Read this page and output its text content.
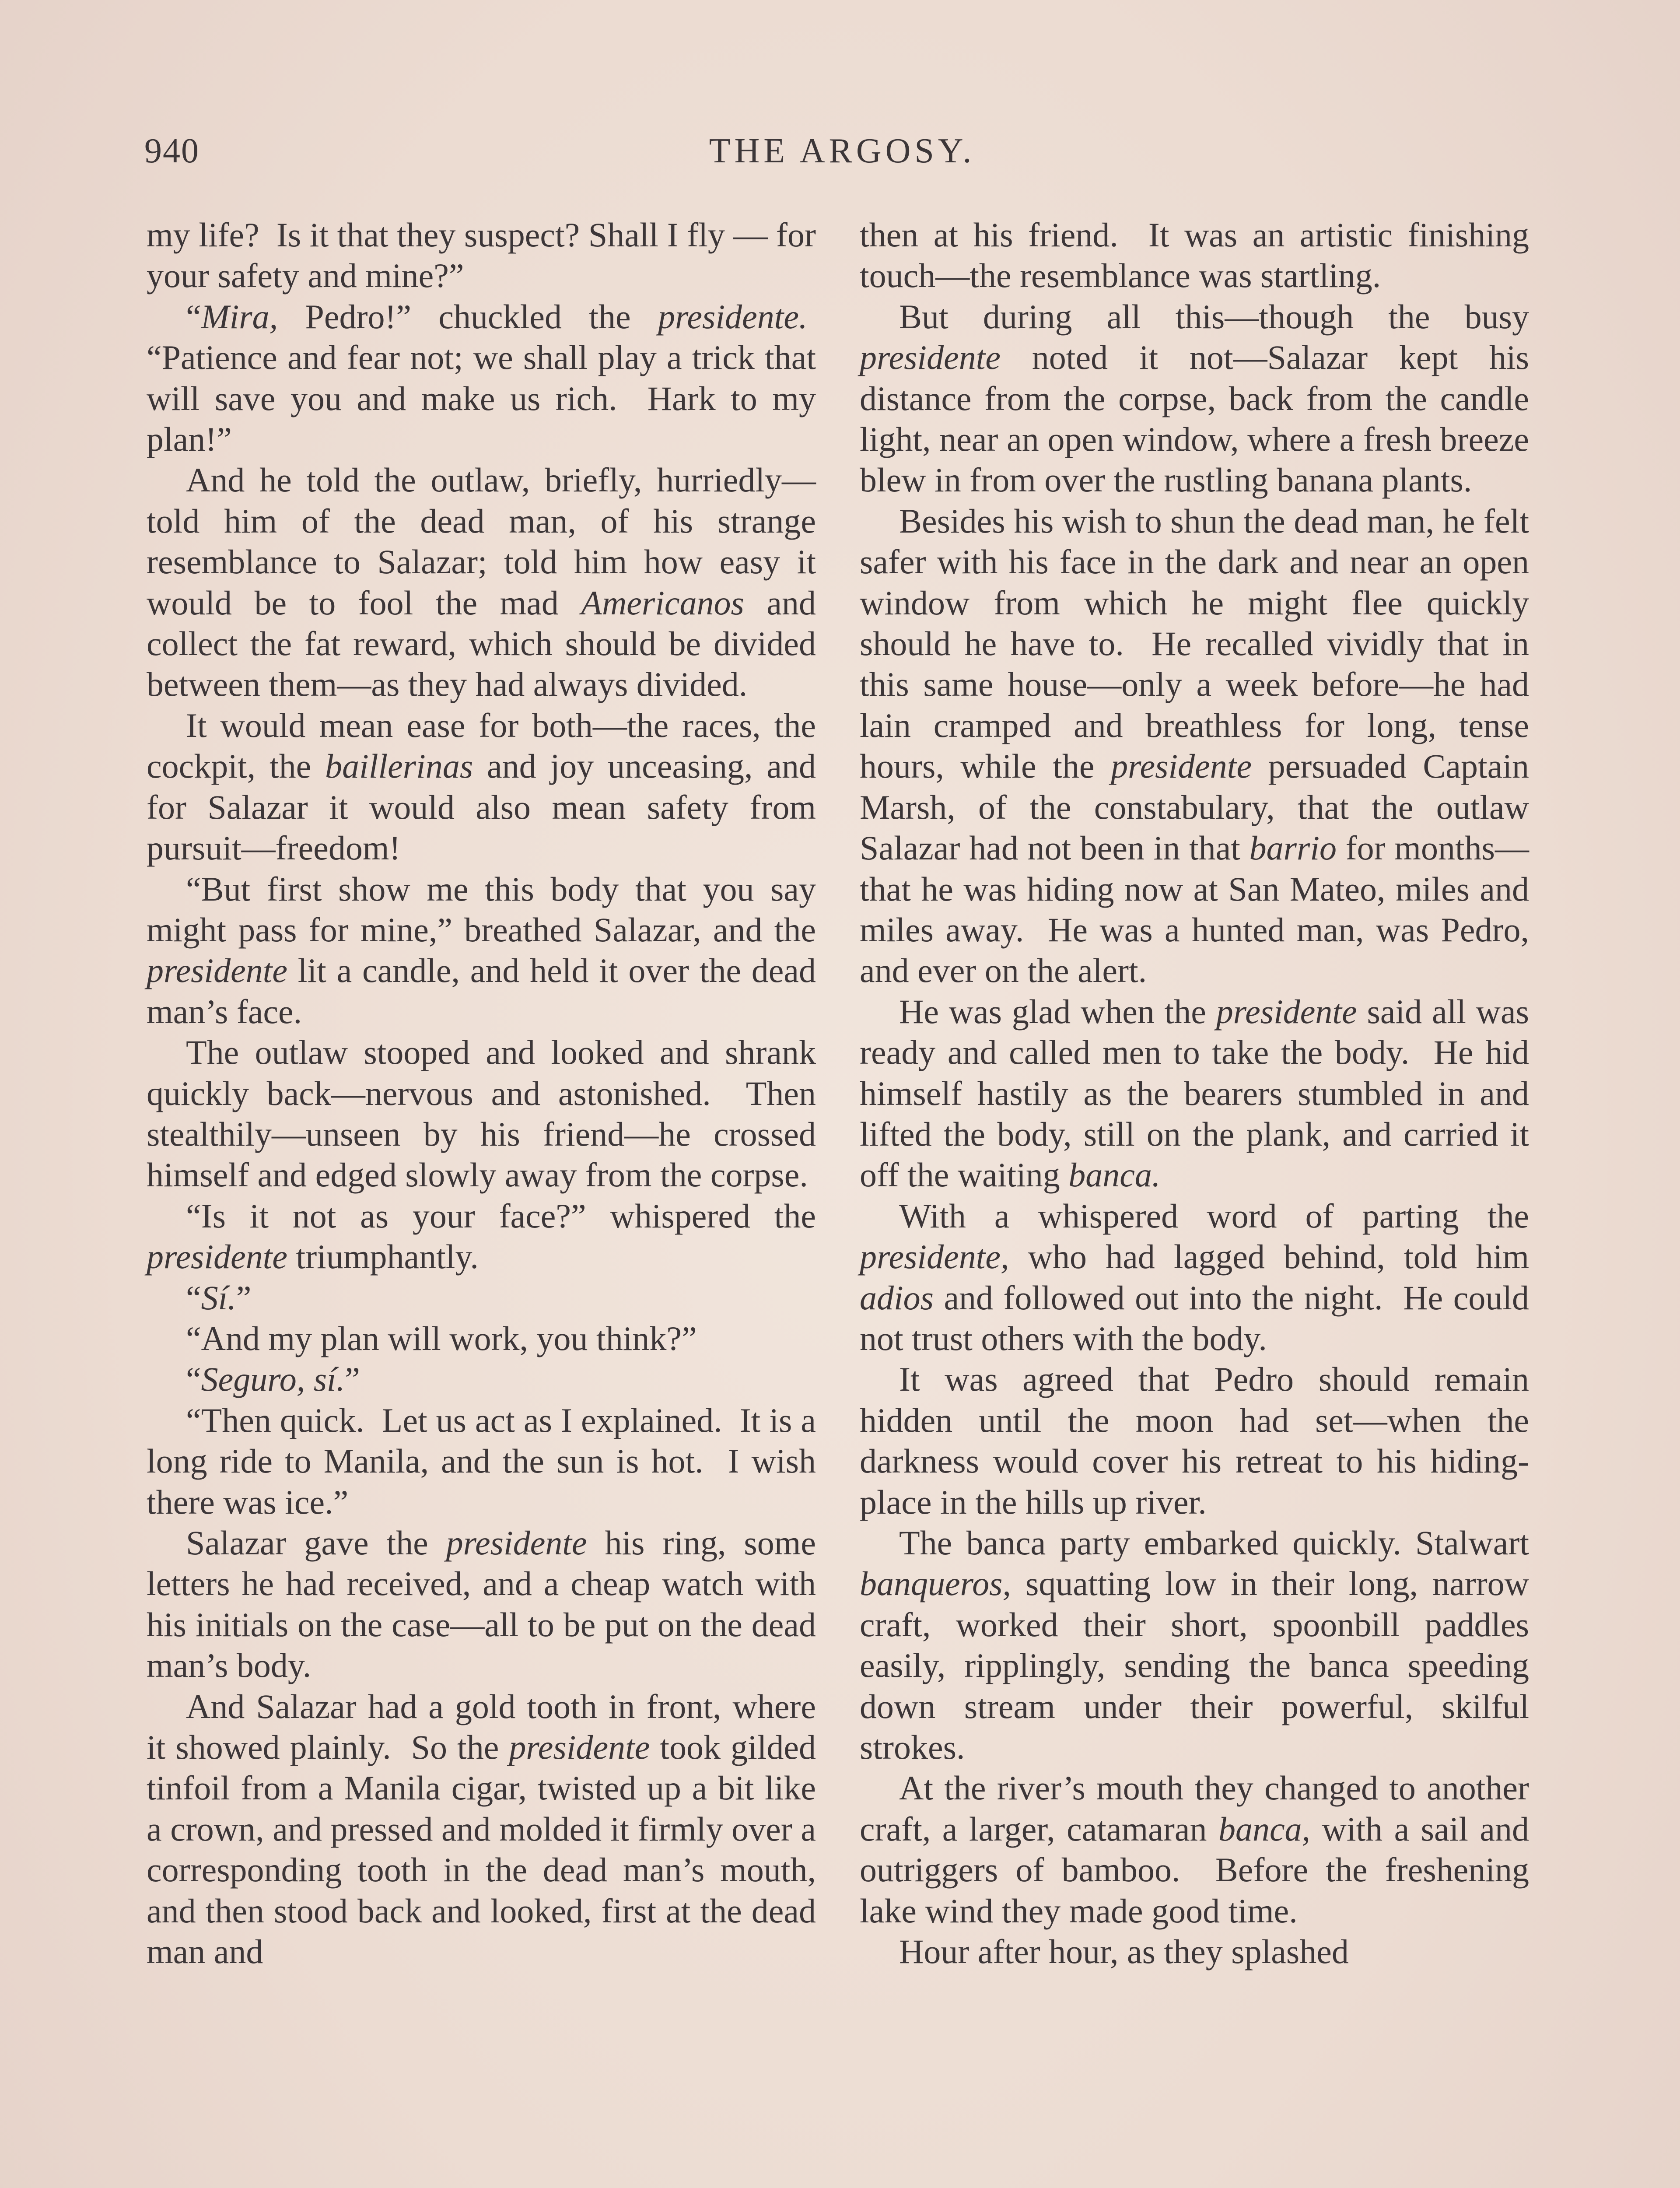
940	THE ARGOSY.

my life?  Is it that they suspect? Shall I fly — for your safety and mine?”

“Mira, Pedro!” chuckled the presidente.  “Patience and fear not; we shall play a trick that will save you and make us rich.  Hark to my plan!”

And he told the outlaw, briefly, hurriedly—told him of the dead man, of his strange resemblance to Salazar; told him how easy it would be to fool the mad Americanos and collect the fat reward, which should be divided between them—as they had always divided.

It would mean ease for both—the races, the cockpit, the baillerinas and joy unceasing, and for Salazar it would also mean safety from pursuit—freedom!

“But first show me this body that you say might pass for mine,” breathed Salazar, and the presidente lit a candle, and held it over the dead man’s face.

The outlaw stooped and looked and shrank quickly back—nervous and astonished.  Then stealthily—unseen by his friend—he crossed himself and edged slowly away from the corpse.

“Is it not as your face?” whispered the presidente triumphantly.

“Sí.”

“And my plan will work, you think?”

“Seguro, sí.”

“Then quick.  Let us act as I explained.  It is a long ride to Manila, and the sun is hot.  I wish there was ice.”

Salazar gave the presidente his ring, some letters he had received, and a cheap watch with his initials on the case—all to be put on the dead man’s body.

And Salazar had a gold tooth in front, where it showed plainly.  So the presidente took gilded tinfoil from a Manila cigar, twisted up a bit like a crown, and pressed and molded it firmly over a corresponding tooth in the dead man’s mouth, and then stood back and looked, first at the dead man and

then at his friend.  It was an artistic finishing touch—the resemblance was startling.

But during all this—though the busy presidente noted it not—Salazar kept his distance from the corpse, back from the candle light, near an open window, where a fresh breeze blew in from over the rustling banana plants.

Besides his wish to shun the dead man, he felt safer with his face in the dark and near an open window from which he might flee quickly should he have to.  He recalled vividly that in this same house—only a week before—he had lain cramped and breathless for long, tense hours, while the presidente persuaded Captain Marsh, of the constabulary, that the outlaw Salazar had not been in that barrio for months—that he was hiding now at San Mateo, miles and miles away.  He was a hunted man, was Pedro, and ever on the alert.

He was glad when the presidente said all was ready and called men to take the body.  He hid himself hastily as the bearers stumbled in and lifted the body, still on the plank, and carried it off the waiting banca.

With a whispered word of parting the presidente, who had lagged behind, told him adios and followed out into the night.  He could not trust others with the body.

It was agreed that Pedro should remain hidden until the moon had set—when the darkness would cover his retreat to his hiding-place in the hills up river.

The banca party embarked quickly. Stalwart banqueros, squatting low in their long, narrow craft, worked their short, spoonbill paddles easily, ripplingly, sending the banca speeding down stream under their powerful, skilful strokes.

At the river’s mouth they changed to another craft, a larger, catamaran banca, with a sail and outriggers of bamboo.  Before the freshening lake wind they made good time.

Hour after hour, as they splashed
